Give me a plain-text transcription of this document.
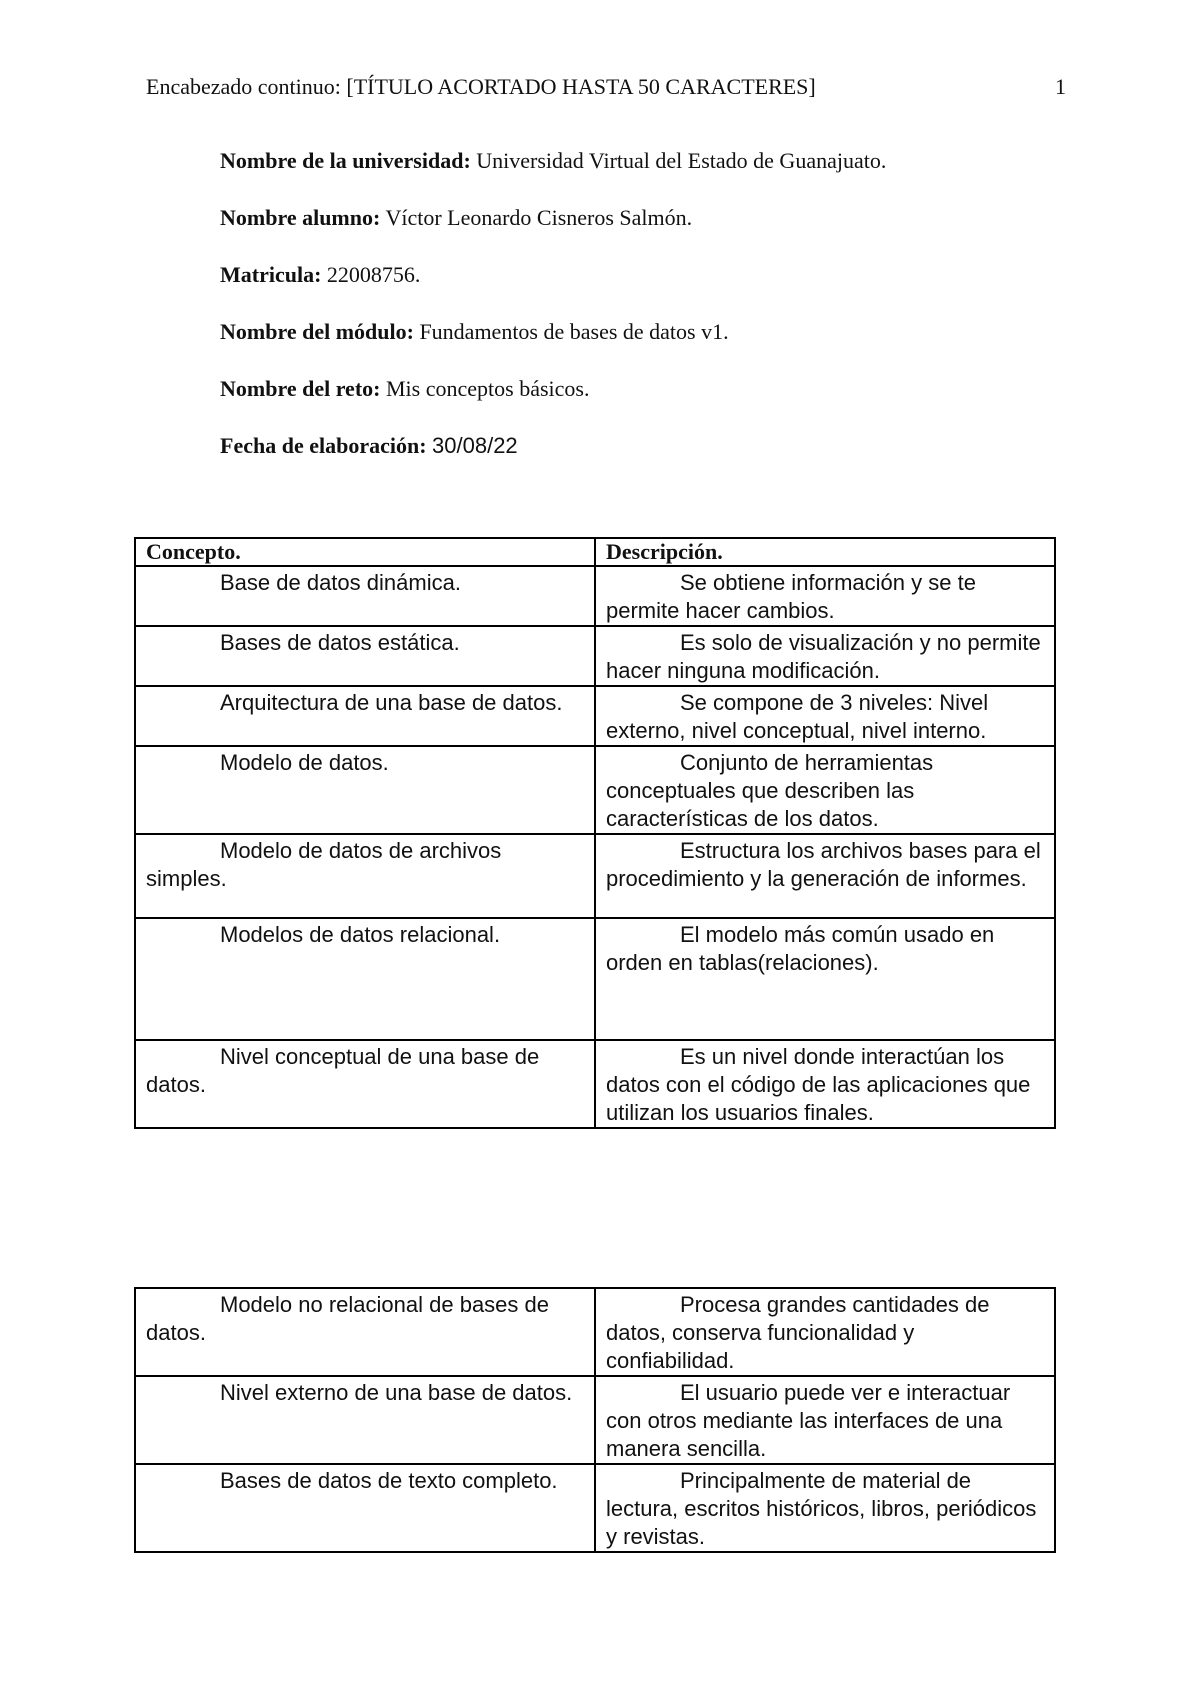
Encabezado continuo: [TÍTULO ACORTADO HASTA 50 CARACTERES]	1
Nombre de la universidad: Universidad Virtual del Estado de Guanajuato.
Nombre alumno: Víctor Leonardo Cisneros Salmón.
Matricula: 22008756.
Nombre del módulo: Fundamentos de bases de datos v1.
Nombre del reto: Mis conceptos básicos.
Fecha de elaboración: 30/08/22
Concepto.	Descripción.
Base de datos dinámica.	Se obtiene información y se te permite hacer cambios.
Bases de datos estática.	Es solo de visualización y no permite hacer ninguna modificación.
Arquitectura de una base de datos.	Se compone de 3 niveles: Nivel externo, nivel conceptual, nivel interno.
Modelo de datos.	Conjunto de herramientas conceptuales que describen las características de los datos.
Modelo de datos de archivos simples.	Estructura los archivos bases para el procedimiento y la generación de informes.
Modelos de datos relacional.	El modelo más común usado en orden en tablas(relaciones).
Nivel conceptual de una base de datos.	Es un nivel donde interactúan los datos con el código de las aplicaciones que utilizan los usuarios finales.
Modelo no relacional de bases de datos.	Procesa grandes cantidades de datos, conserva funcionalidad y confiabilidad.
Nivel externo de una base de datos.	El usuario puede ver e interactuar con otros mediante las interfaces de una manera sencilla.
Bases de datos de texto completo.	Principalmente de material de lectura, escritos históricos, libros, periódicos y revistas.
